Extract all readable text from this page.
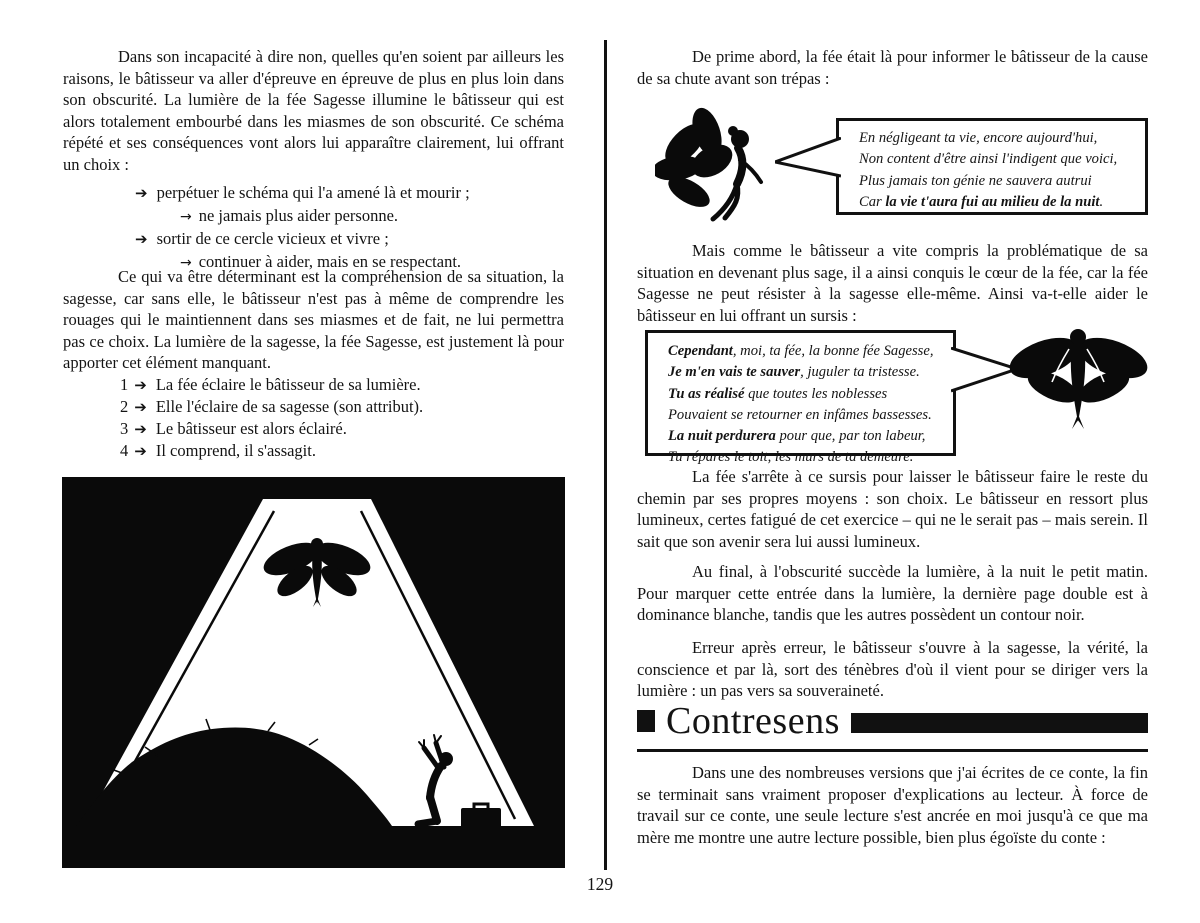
Dans son incapacité à dire non, quelles qu'en soient par ailleurs les raisons, le bâtisseur va aller d'épreuve en épreuve de plus en plus loin dans son obscurité. La lumière de la fée Sagesse illumine le bâtisseur qui est alors totalement embourbé dans les miasmes de son obscurité. Ce schéma répété et ses conséquences vont alors lui apparaître clairement, lui offrant un choix :

➔ perpétuer le schéma qui l'a amené là et mourir ;
→ ne jamais plus aider personne.
➔ sortir de ce cercle vicieux et vivre ;
→ continuer à aider, mais en se respectant.

Ce qui va être déterminant est la compréhension de sa situation, la sagesse, car sans elle, le bâtisseur n'est pas à même de comprendre les rouages qui le maintiennent dans ses miasmes et de fait, ne lui permettra pas ce choix. La lumière de la sagesse, la fée Sagesse, est justement là pour apporter cet élément manquant.

1 ➔ La fée éclaire le bâtisseur de sa lumière.
2 ➔ Elle l'éclaire de sa sagesse (son attribut).
3 ➔ Le bâtisseur est alors éclairé.
4 ➔ Il comprend, il s'assagit.

De prime abord, la fée était là pour informer le bâtisseur de la cause de sa chute avant son trépas :

En négligeant ta vie, encore aujourd'hui,
Non content d'être ainsi l'indigent que voici,
Plus jamais ton génie ne sauvera autrui
Car la vie t'aura fui au milieu de la nuit.

Mais comme le bâtisseur a vite compris la problématique de sa situation en devenant plus sage, il a ainsi conquis le cœur de la fée, car la fée Sagesse ne peut résister à la sagesse elle-même. Ainsi va-t-elle aider le bâtisseur en lui offrant un sursis :

Cependant, moi, ta fée, la bonne fée Sagesse,
Je m'en vais te sauver, juguler ta tristesse.
Tu as réalisé que toutes les noblesses
Pouvaient se retourner en infâmes bassesses.
La nuit perdurera pour que, par ton labeur,
Tu répares le toit, les murs de ta demeure.

La fée s'arrête à ce sursis pour laisser le bâtisseur faire le reste du chemin par ses propres moyens : son choix. Le bâtisseur en ressort plus lumineux, certes fatigué de cet exercice – qui ne le serait pas – mais serein. Il sait que son avenir sera lui aussi lumineux.

Au final, à l'obscurité succède la lumière, à la nuit le petit matin. Pour marquer cette entrée dans la lumière, la dernière page double est à dominance blanche, tandis que les autres possèdent un contour noir.

Erreur après erreur, le bâtisseur s'ouvre à la sagesse, la vérité, la conscience et par là, sort des ténèbres d'où il vient pour se diriger vers la lumière : un pas vers sa souveraineté.

Contresens

Dans une des nombreuses versions que j'ai écrites de ce conte, la fin se terminait sans vraiment proposer d'explications au lecteur. À force de travail sur ce conte, une seule lecture s'est ancrée en moi jusqu'à ce que ma mère me montre une autre lecture possible, bien plus égoïste du conte :

129
